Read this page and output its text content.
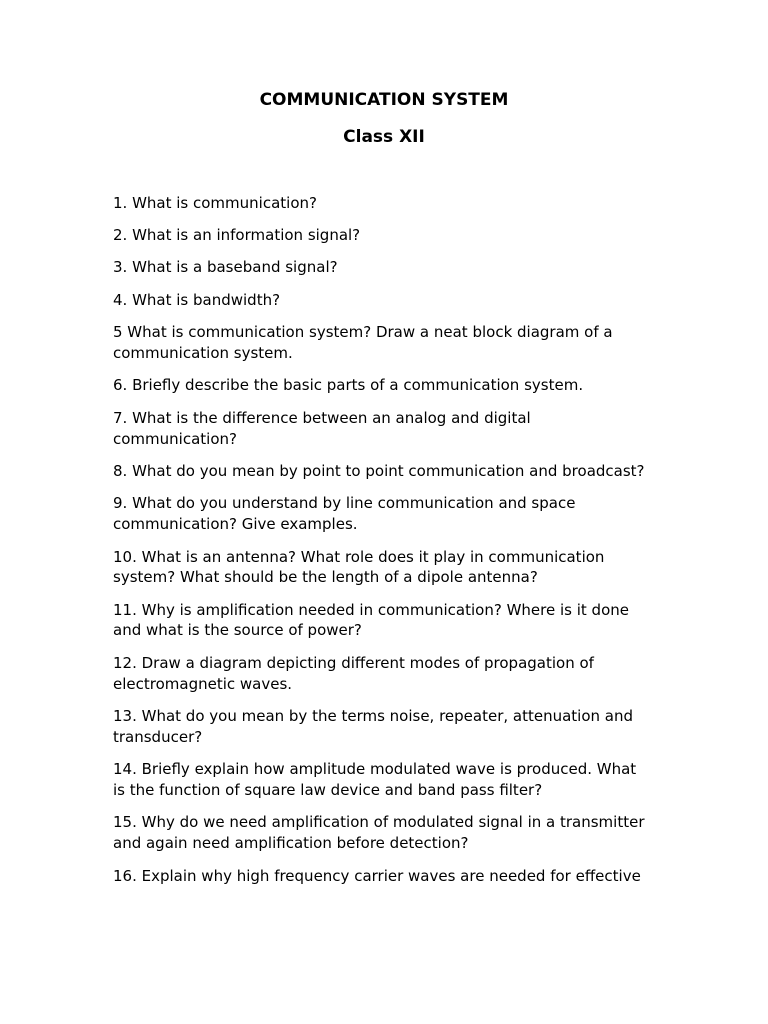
COMMUNICATION SYSTEM
Class XII
1. What is communication?
2. What is an information signal?
3. What is a baseband signal?
4. What is bandwidth?
5 What is communication system? Draw a neat block diagram of a
communication system.
6. Briefly describe the basic parts of a communication system.
7. What is the difference between an analog and digital
communication?
8. What do you mean by point to point communication and broadcast?
9. What do you understand by line communication and space
communication? Give examples.
10. What is an antenna? What role does it play in communication
system? What should be the length of a dipole antenna?
11. Why is amplification needed in communication? Where is it done
and what is the source of power?
12. Draw a diagram depicting different modes of propagation of
electromagnetic waves.
13. What do you mean by the terms noise, repeater, attenuation and
transducer?
14. Briefly explain how amplitude modulated wave is produced. What
is the function of square law device and band pass filter?
15. Why do we need amplification of modulated signal in a transmitter
and again need amplification before detection?
16. Explain why high frequency carrier waves are needed for effective
